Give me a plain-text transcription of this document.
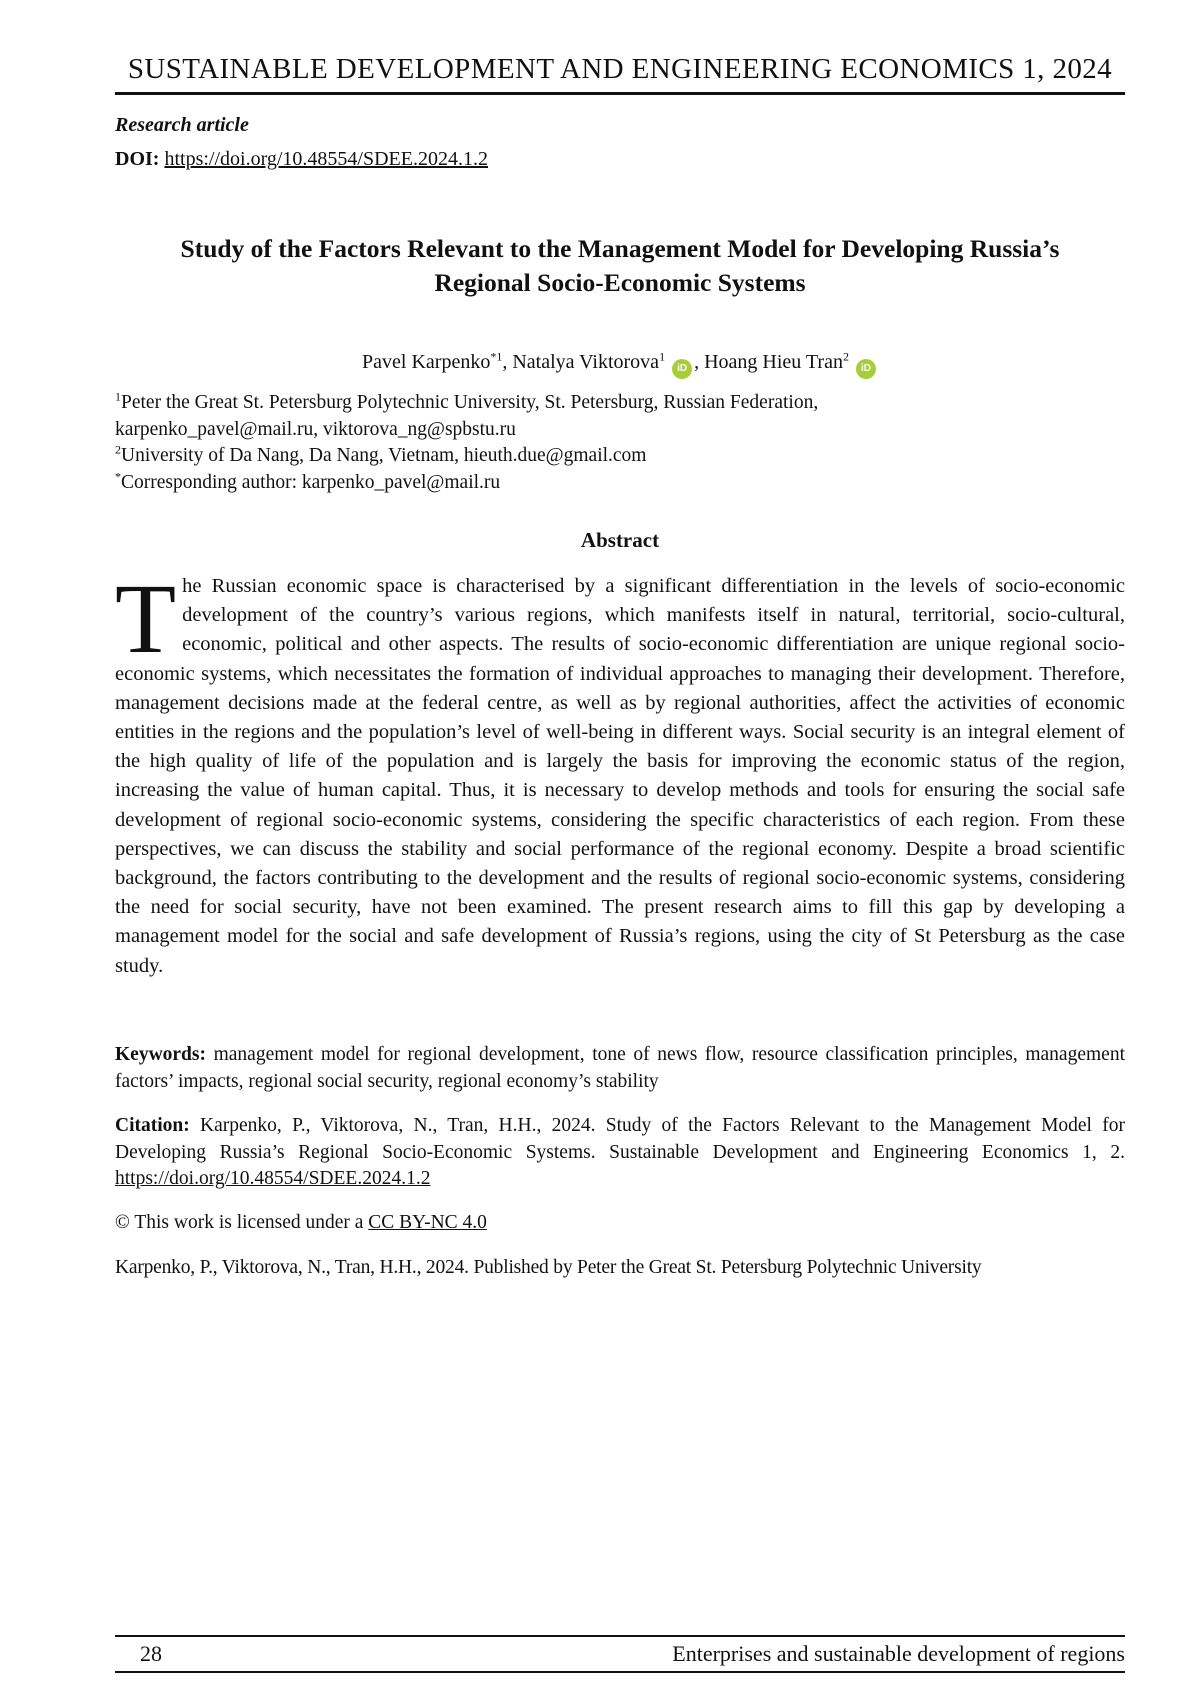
SUSTAINABLE DEVELOPMENT AND ENGINEERING ECONOMICS 1, 2024
Research article
DOI: https://doi.org/10.48554/SDEE.2024.1.2
Study of the Factors Relevant to the Management Model for Developing Russia’s
Regional Socio-Economic Systems
Pavel Karpenko$^{*1}$, Natalya Viktorova$^1$ iD , Hoang Hieu Tran$^2$ iD
$^1$Peter the Great St. Petersburg Polytechnic University, St. Petersburg, Russian Federation,
karpenko_pavel@mail.ru, viktorova_ng@spbstu.ru
$^2$University of Da Nang, Da Nang, Vietnam, hieuth.due@gmail.com
*Corresponding author: karpenko_pavel@mail.ru
Abstract
The Russian economic space is characterised by a significant differentiation in the levels of socio-economic development of the country’s various regions, which manifests itself in natural, territorial, socio-cultural, economic, political and other aspects. The results of socio-economic differentiation are unique regional socio-economic systems, which necessitates the formation of individual approaches to managing their development. Therefore, management decisions made at the federal centre, as well as by regional authorities, affect the activities of economic entities in the regions and the population’s level of well-being in different ways. Social security is an integral element of the high quality of life of the population and is largely the basis for improving the economic status of the region, increasing the value of human capital. Thus, it is necessary to develop methods and tools for ensuring the social safe development of regional socio-economic systems, considering the specific characteristics of each region. From these perspectives, we can discuss the stability and social performance of the regional economy. Despite a broad scientific background, the factors contributing to the development and the results of regional socio-economic systems, considering the need for social security, have not been examined. The present research aims to fill this gap by developing a management model for the social and safe development of Russia’s regions, using the city of St Petersburg as the case study.
Keywords: management model for regional development, tone of news flow, resource classification principles, management factors’ impacts, regional social security, regional economy’s stability
Citation: Karpenko, P., Viktorova, N., Tran, H.H., 2024. Study of the Factors Relevant to the Management Model for Developing Russia’s Regional Socio-Economic Systems. Sustainable Development and Engineering Economics 1, 2. https://doi.org/10.48554/SDEE.2024.1.2
© This work is licensed under a CC BY-NC 4.0
Karpenko, P., Viktorova, N., Tran, H.H., 2024. Published by Peter the Great St. Petersburg Polytechnic University
28	Enterprises and sustainable development of regions
